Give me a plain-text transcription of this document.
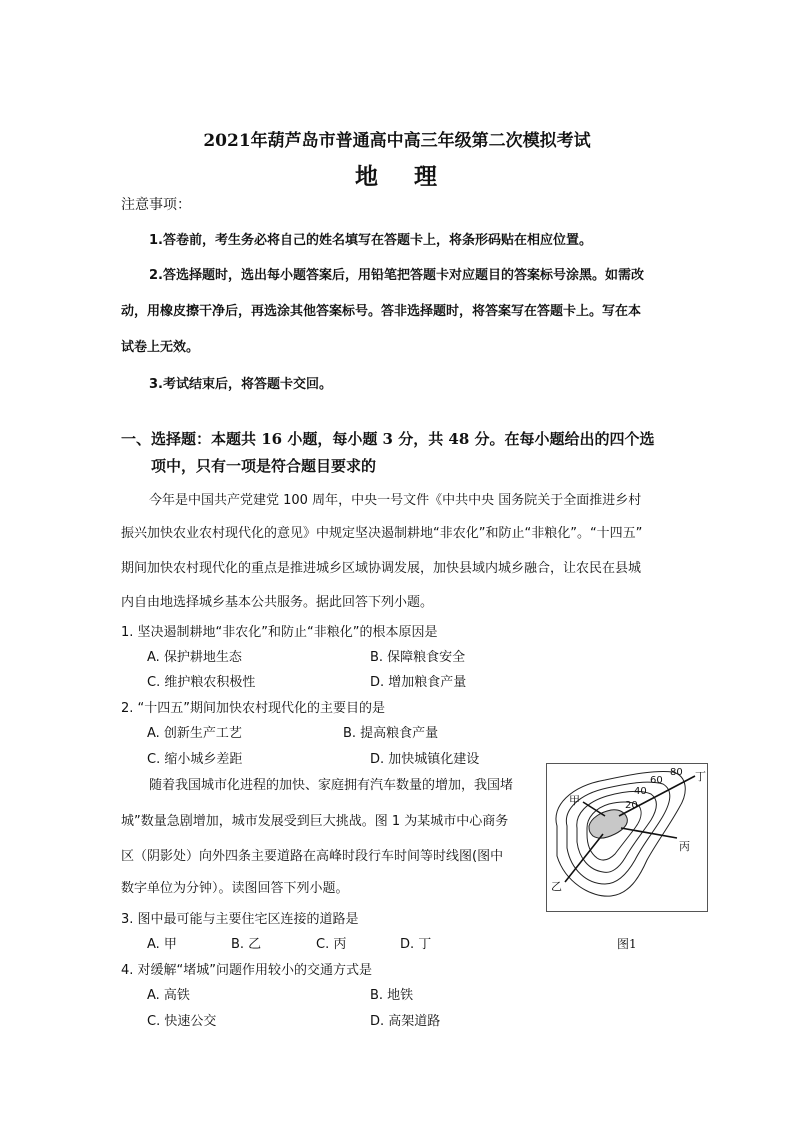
2021年葫芦岛市普通高中高三年级第二次模拟考试
地 理
注意事项：
1.答卷前，考生务必将自己的姓名填写在答题卡上，将条形码贴在相应位置。
2.答选择题时，选出每小题答案后，用铅笔把答题卡对应题目的答案标号涂黑。如需改
动，用橡皮擦干净后，再选涂其他答案标号。答非选择题时，将答案写在答题卡上。写在本
试卷上无效。
3.考试结束后，将答题卡交回。
一、选择题：本题共 16 小题，每小题 3 分，共 48 分。在每小题给出的四个选
项中，只有一项是符合题目要求的
今年是中国共产党建党 100 周年，中央一号文件《中共中央 国务院关于全面推进乡村
振兴加快农业农村现代化的意见》中规定坚决遏制耕地“非农化”和防止“非粮化”。“十四五”
期间加快农村现代化的重点是推进城乡区域协调发展，加快县域内城乡融合，让农民在县城
内自由地选择城乡基本公共服务。据此回答下列小题。
1. 坚决遏制耕地“非农化”和防止“非粮化”的根本原因是
A. 保护耕地生态	B. 保障粮食安全
C. 维护粮农积极性	D. 增加粮食产量
2. “十四五”期间加快农村现代化的主要目的是
A. 创新生产工艺	B. 提高粮食产量
C. 缩小城乡差距	D. 加快城镇化建设
随着我国城市化进程的加快、家庭拥有汽车数量的增加，我国堵
城”数量急剧增加，城市发展受到巨大挑战。图 1 为某城市中心商务
区（阴影处）向外四条主要道路在高峰时段行车时间等时线图(图中
数字单位为分钟）。读图回答下列小题。
3. 图中最可能与主要住宅区连接的道路是
A. 甲	B. 乙	C. 丙	D. 丁
4. 对缓解“堵城”问题作用较小的交通方式是
A. 高铁	B. 地铁
C. 快速公交	D. 高架道路
甲
乙
丙
丁
20
40
60
80
图1
